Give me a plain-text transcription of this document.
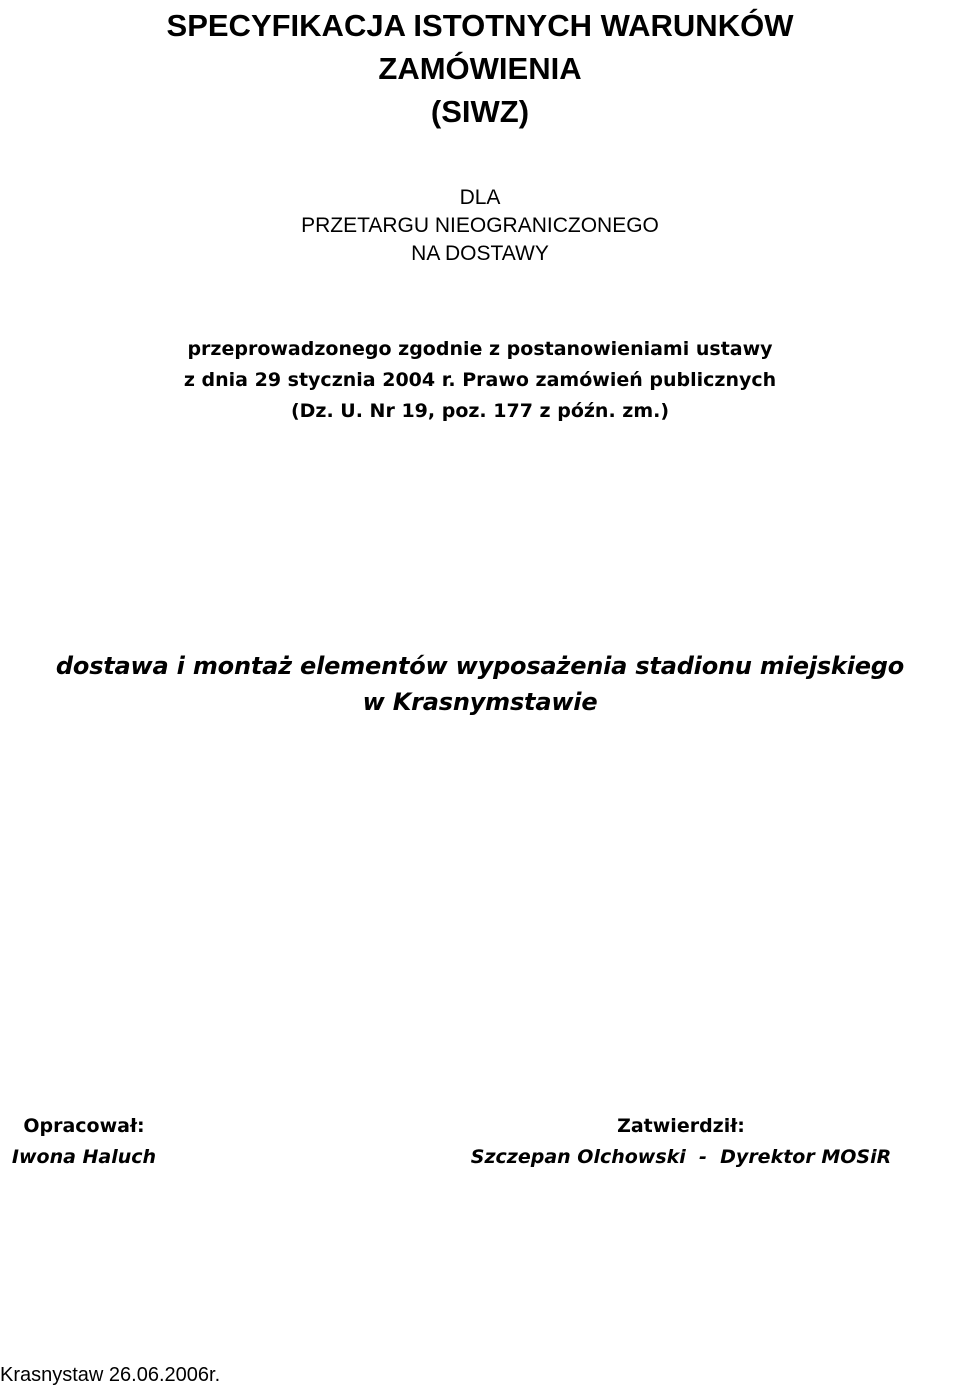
SPECYFIKACJA ISTOTNYCH WARUNKÓW
ZAMÓWIENIA
(SIWZ)
DLA
PRZETARGU NIEOGRANICZONEGO
NA DOSTAWY
przeprowadzonego zgodnie z postanowieniami ustawy
z dnia 29 stycznia 2004 r. Prawo zamówień publicznych
(Dz. U. Nr 19, poz. 177 z późn. zm.)
dostawa i montaż elementów wyposażenia stadionu miejskiego
w Krasnymstawie
Opracował:
Iwona Haluch
Zatwierdził:
Szczepan Olchowski  -  Dyrektor MOSiR
Krasnystaw 26.06.2006r.
